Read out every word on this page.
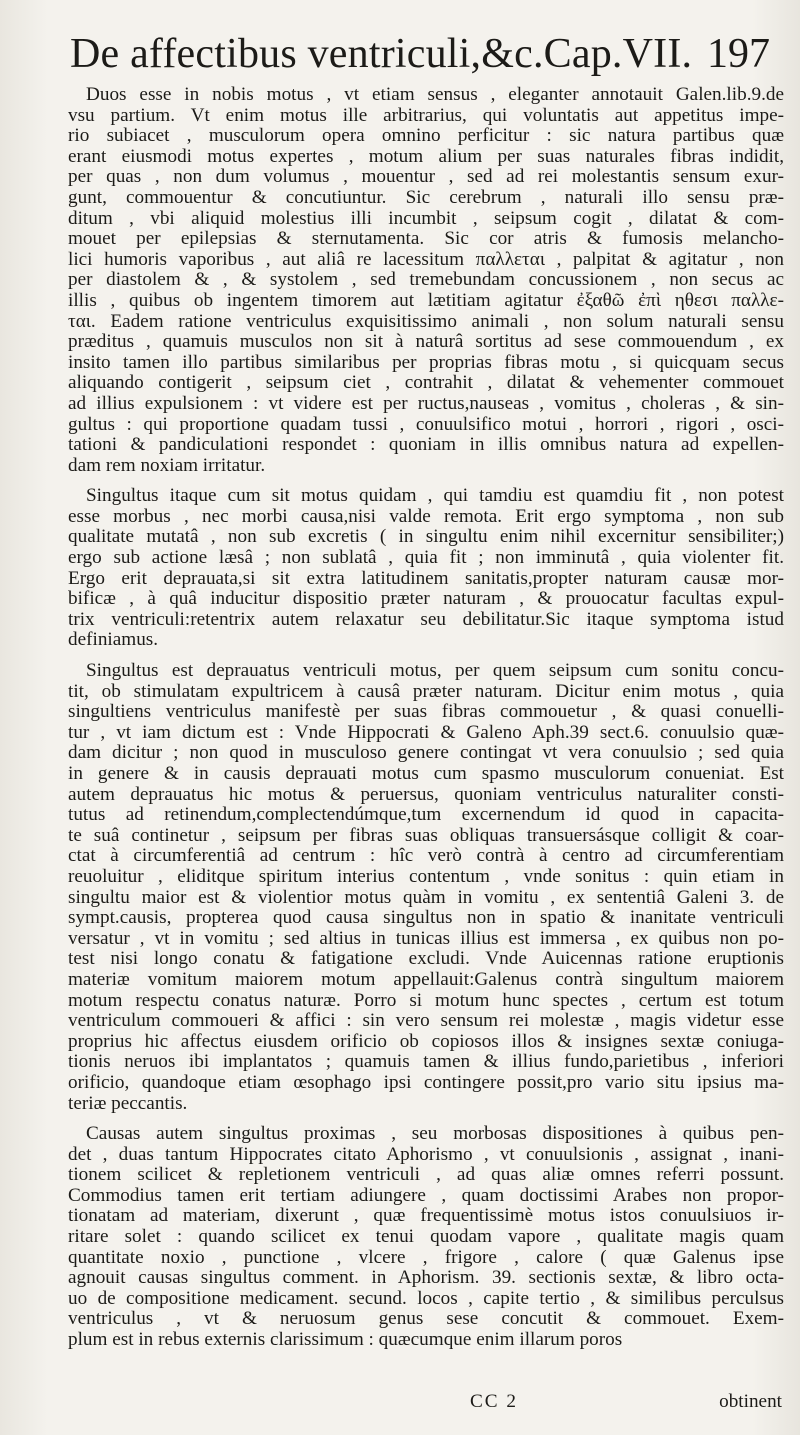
De affectibus ventriculi,&c.Cap.VII. 197
Duos esse in nobis motus , vt etiam sensus , eleganter annotauit Galen.lib.9.de
vsu partium. Vt enim motus ille arbitrarius, qui voluntatis aut appetitus impe-
rio subiacet , musculorum opera omnino perficitur : sic natura partibus quæ
erant eiusmodi motus expertes , motum alium per suas naturales fibras indidit,
per quas , non dum volumus , mouentur , sed ad rei molestantis sensum exur-
gunt, commouentur & concutiuntur. Sic cerebrum , naturali illo sensu præ-
ditum , vbi aliquid molestius illi incumbit , seipsum cogit , dilatat & com-
mouet per epilepsias & sternutamenta. Sic cor atris & fumosis melancho-
lici humoris vaporibus , aut aliâ re lacessitum παλλεται , palpitat & agitatur , non
per diastolem & , & systolem , sed tremebundam concussionem , non secus ac
illis , quibus ob ingentem timorem aut lætitiam agitatur ἐξαθῶ ἐπὶ ηθεσι παλλε-
ται. Eadem ratione ventriculus exquisitissimo animali , non solum naturali sensu
præditus , quamuis musculos non sit à naturâ sortitus ad sese commouendum , ex
insito tamen illo partibus similaribus per proprias fibras motu , si quicquam secus
aliquando contigerit , seipsum ciet , contrahit , dilatat & vehementer commouet
ad illius expulsionem : vt videre est per ructus,nauseas , vomitus , choleras , & sin-
gultus : qui proportione quadam tussi , conuulsifico motui , horrori , rigori , osci-
tationi & pandiculationi respondet : quoniam in illis omnibus natura ad expellen-
dam rem noxiam irritatur.
Singultus itaque cum sit motus quidam , qui tamdiu est quamdiu fit , non potest
esse morbus , nec morbi causa,nisi valde remota. Erit ergo symptoma , non sub
qualitate mutatâ , non sub excretis ( in singultu enim nihil excernitur sensibiliter;)
ergo sub actione læsâ ; non sublatâ , quia fit ; non imminutâ , quia violenter fit.
Ergo erit deprauata,si sit extra latitudinem sanitatis,propter naturam causæ mor-
bificæ , à quâ inducitur dispositio præter naturam , & prouocatur facultas expul-
trix ventriculi:retentrix autem relaxatur seu debilitatur.Sic itaque symptoma istud
definiamus.
Singultus est deprauatus ventriculi motus, per quem seipsum cum sonitu concu-
tit, ob stimulatam expultricem à causâ præter naturam. Dicitur enim motus , quia
singultiens ventriculus manifestè per suas fibras commouetur , & quasi conuelli-
tur , vt iam dictum est : Vnde Hippocrati & Galeno Aph.39 sect.6. conuulsio quæ-
dam dicitur ; non quod in musculoso genere contingat vt vera conuulsio ; sed quia
in genere & in causis deprauati motus cum spasmo musculorum conueniat. Est
autem deprauatus hic motus & peruersus, quoniam ventriculus naturaliter consti-
tutus ad retinendum,complectendúmque,tum excernendum id quod in capacita-
te suâ continetur , seipsum per fibras suas obliquas transuersásque colligit & coar-
ctat à circumferentiâ ad centrum : hîc verò contrà à centro ad circumferentiam
reuoluitur , eliditque spiritum interius contentum , vnde sonitus : quin etiam in
singultu maior est & violentior motus quàm in vomitu , ex sententiâ Galeni 3. de
sympt.causis, propterea quod causa singultus non in spatio & inanitate ventriculi
versatur , vt in vomitu ; sed altius in tunicas illius est immersa , ex quibus non po-
test nisi longo conatu & fatigatione excludi. Vnde Auicennas ratione eruptionis
materiæ vomitum maiorem motum appellauit:Galenus contrà singultum maiorem
motum respectu conatus naturæ. Porro si motum hunc spectes , certum est totum
ventriculum commoueri & affici : sin vero sensum rei molestæ , magis videtur esse
proprius hic affectus eiusdem orificio ob copiosos illos & insignes sextæ coniuga-
tionis neruos ibi implantatos ; quamuis tamen & illius fundo,parietibus , inferiori
orificio, quandoque etiam œsophago ipsi contingere possit,pro vario situ ipsius ma-
teriæ peccantis.
Causas autem singultus proximas , seu morbosas dispositiones à quibus pen-
det , duas tantum Hippocrates citato Aphorismo , vt conuulsionis , assignat , inani-
tionem scilicet & repletionem ventriculi , ad quas aliæ omnes referri possunt.
Commodius tamen erit tertiam adiungere , quam doctissimi Arabes non propor-
tionatam ad materiam, dixerunt , quæ frequentissimè motus istos conuulsiuos ir-
ritare solet : quando scilicet ex tenui quodam vapore , qualitate magis quam
quantitate noxio , punctione , vlcere , frigore , calore ( quæ Galenus ipse
agnouit causas singultus comment. in Aphorism. 39. sectionis sextæ, & libro octa-
uo de compositione medicament. secund. locos , capite tertio , & similibus perculsus
ventriculus , vt & neruosum genus sese concutit & commouet. Exem-
plum est in rebus externis clarissimum : quæcumque enim illarum poros
CC 2	obtinent
